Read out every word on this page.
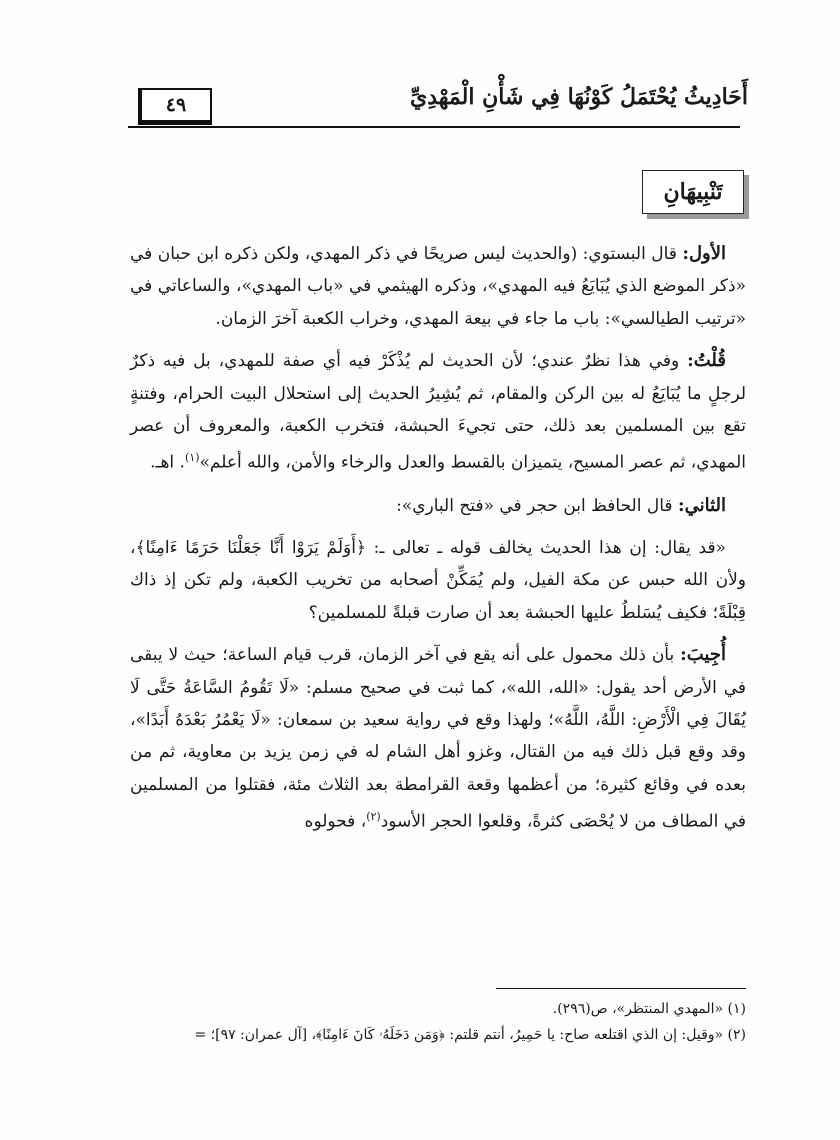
أَحَادِيثُ يُحْتَمَلُ كَوْنُهَا فِي شَأْنِ الْمَهْدِيِّ
٤٩
تَنْبِيهَانِ

الأول: قال البستوي: (والحديث ليس صريحًا في ذكر المهدي، ولكن ذكره ابن حبان في «ذكر الموضع الذي يُبَايَعُ فيه المهدي»، وذكره الهيثمي في «باب المهدي»، والساعاتي في «ترتيب الطيالسي»: باب ما جاء في بيعة المهدي، وخراب الكعبة آخرَ الزمان.

قُلْتُ: وفي هذا نظرٌ عندي؛ لأن الحديث لم يُذْكَرْ فيه أي صفة للمهدي، بل فيه ذكرٌ لرجلٍ ما يُبَايَعُ له بين الركن والمقام، ثم يُشِيرُ الحديث إلى استحلال البيت الحرام، وفتنةٍ تقع بين المسلمين بعد ذلك، حتى تجيءَ الحبشة، فتخرب الكعبة، والمعروف أن عصر المهدي، ثم عصر المسيح، يتميزان بالقسط والعدل والرخاء والأمن، والله أعلم»$^{(١)}$. اهـ.

الثاني: قال الحافظ ابن حجر في «فتح الباري»:

«قد يقال: إن هذا الحديث يخالف قوله ـ تعالى ـ: ﴿أَوَلَمْ يَرَوْا أَنَّا جَعَلْنَا حَرَمًا ءَامِنًا﴾، ولأن الله حبس عن مكة الفيل، ولم يُمَكِّنْ أصحابه من تخريب الكعبة، ولم تكن إذ ذاك قِبْلَةً؛ فكيف يُسَلطُ عليها الحبشة بعد أن صارت قبلةً للمسلمين؟

أُجِيبَ: بأن ذلك محمول على أنه يقع في آخر الزمان، قرب قيام الساعة؛ حيث لا يبقى في الأرض أحد يقول: «الله، الله»، كما ثبت في صحيح مسلم: «لَا تَقُومُ السَّاعَةُ حَتَّى لَا يُقَالَ فِي الْأَرْضِ: اللَّهُ، اللَّهُ»؛ ولهذا وقع في رواية سعيد بن سمعان: «لَا يَعْمُرُ بَعْدَهُ أَبَدًا»، وقد وقع قبل ذلك فيه من القتال، وغزو أهل الشام له في زمن يزيد بن معاوية، ثم من بعده في وقائع كثيرة؛ من أعظمها وقعة القرامطة بعد الثلاث مئة، فقتلوا من المسلمين في المطاف من لا يُحْصَى كثرةً، وقلعوا الحجر الأسود$^{(٢)}$، فحولوه

(١) «المهدي المنتظر»، ص(٢٩٦).
(٢) «وقيل: إن الذي اقتلعه صاح: يا حَمِيرُ، أنتم قلتم: ﴿وَمَن دَخَلَهُۥ كَانَ ءَامِنًا﴾، [آل عمران: ٩٧]؛ =
